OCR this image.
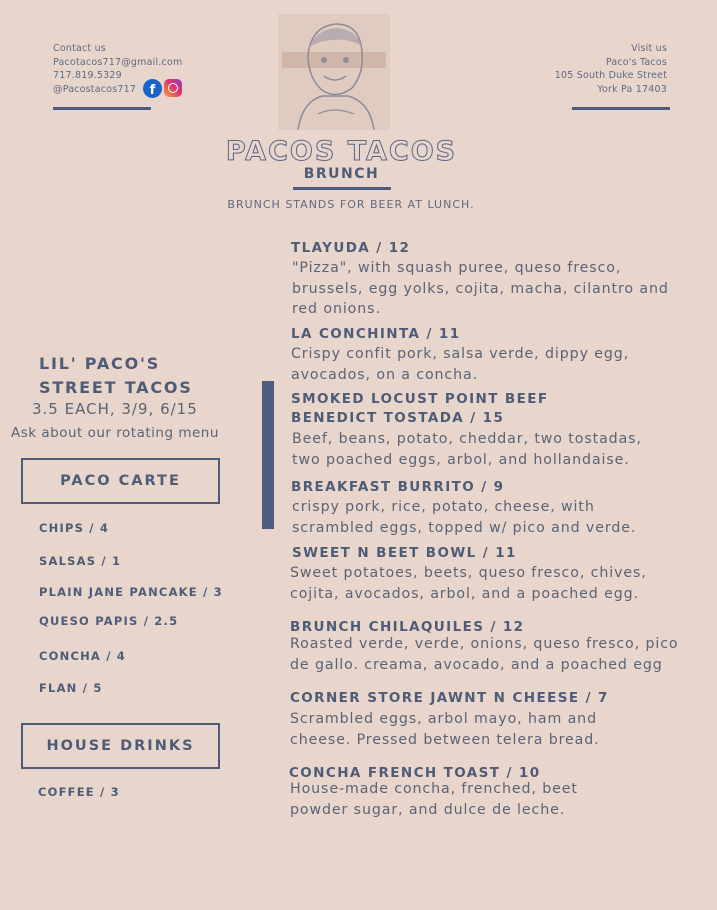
Contact us
Pacotacos717@gmail.com
717.819.5329
@Pacostacos717	f
Visit us
Paco's Tacos
105 South Duke Street
York Pa 17403
PACOS TACOS
BRUNCH
BRUNCH STANDS FOR BEER AT LUNCH.
LIL' PACO'S
STREET TACOS
3.5 EACH, 3/9, 6/15
Ask about our rotating menu
PACO CARTE
CHIPS / 4
SALSAS / 1
PLAIN JANE PANCAKE / 3
QUESO PAPIS / 2.5
CONCHA / 4
FLAN / 5
HOUSE DRINKS
COFFEE / 3
TLAYUDA / 12
"Pizza", with squash puree, queso fresco,
brussels, egg yolks, cojita, macha, cilantro and
red onions.
LA CONCHINTA / 11
Crispy confit pork, salsa verde, dippy egg,
avocados, on a concha.
SMOKED LOCUST POINT BEEF
BENEDICT TOSTADA / 15
Beef, beans, potato, cheddar, two tostadas,
two poached eggs, arbol, and hollandaise.
BREAKFAST BURRITO / 9
crispy pork, rice, potato, cheese, with
scrambled eggs, topped w/ pico and verde.
SWEET N BEET BOWL / 11
Sweet potatoes, beets, queso fresco, chives,
cojita, avocados, arbol, and a poached egg.
BRUNCH CHILAQUILES / 12
Roasted verde, verde, onions, queso fresco, pico
de gallo. creama, avocado, and a poached egg
CORNER STORE JAWNT N CHEESE / 7
Scrambled eggs, arbol mayo, ham and
cheese. Pressed between telera bread.
CONCHA FRENCH TOAST / 10
House-made concha, frenched, beet
powder sugar, and dulce de leche.
